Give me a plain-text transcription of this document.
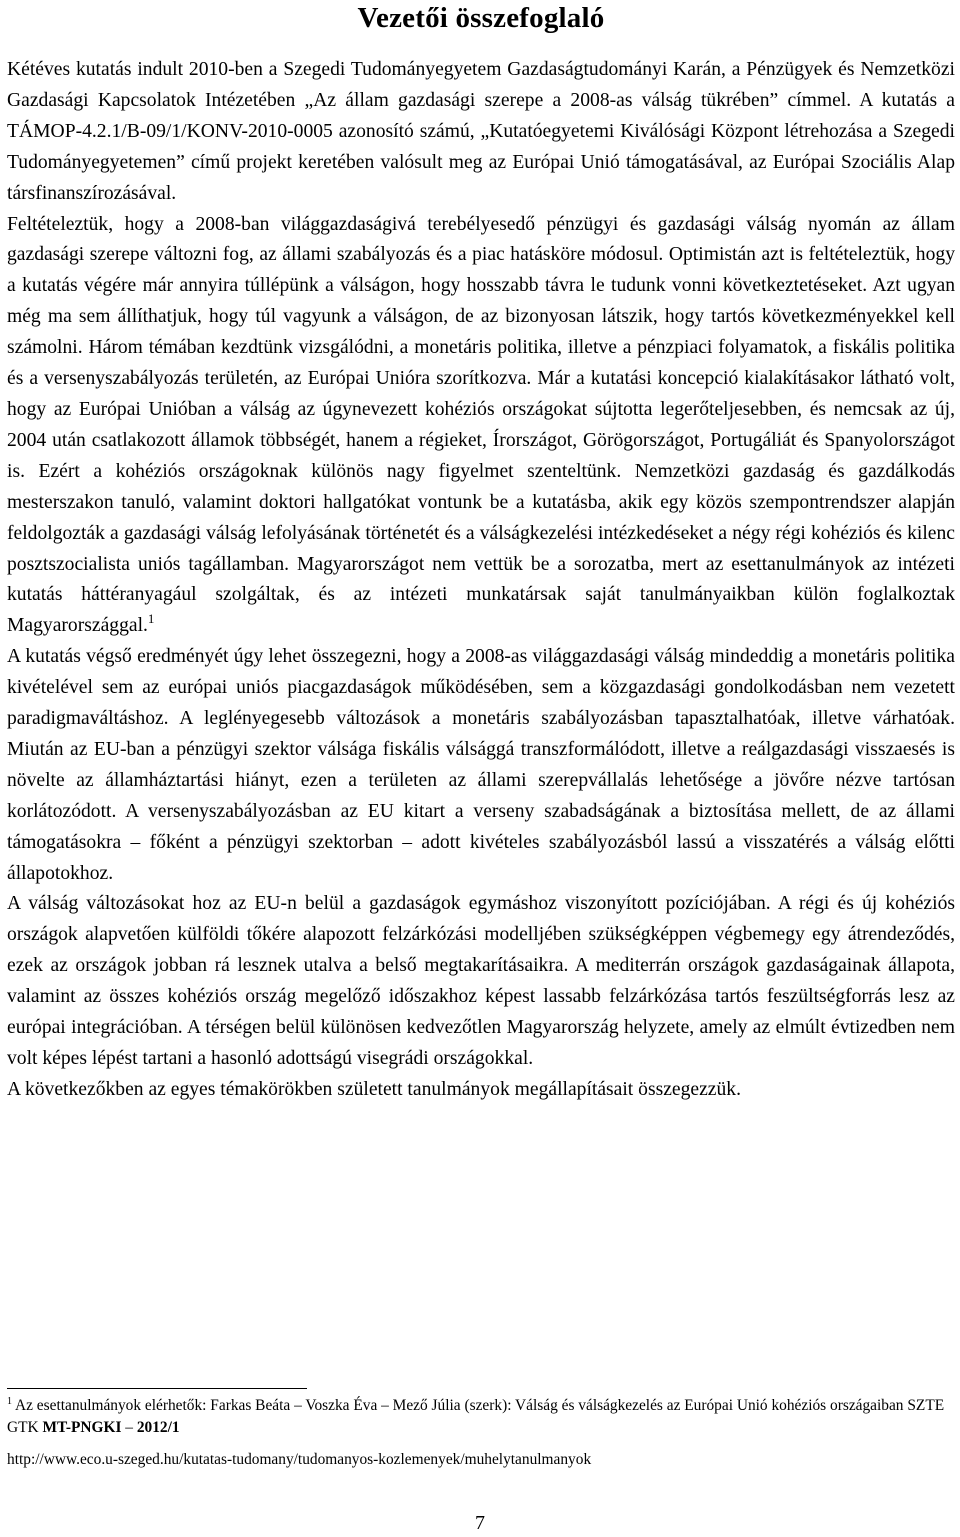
Vezetői összefoglaló

Kétéves kutatás indult 2010-ben a Szegedi Tudományegyetem Gazdaságtudományi Karán, a Pénzügyek és Nemzetközi Gazdasági Kapcsolatok Intézetében „Az állam gazdasági szerepe a 2008-as válság tükrében” címmel. A kutatás a TÁMOP-4.2.1/B-09/1/KONV-2010-0005 azonosító számú, „Kutatóegyetemi Kiválósági Központ létrehozása a Szegedi Tudományegyetemen” című projekt keretében valósult meg az Európai Unió támogatásával, az Európai Szociális Alap társfinanszírozásával.

Feltételeztük, hogy a 2008-ban világgazdaságivá terebélyesedő pénzügyi és gazdasági válság nyomán az állam gazdasági szerepe változni fog, az állami szabályozás és a piac hatásköre módosul. Optimistán azt is feltételeztük, hogy a kutatás végére már annyira túllépünk a válságon, hogy hosszabb távra le tudunk vonni következtetéseket. Azt ugyan még ma sem állíthatjuk, hogy túl vagyunk a válságon, de az bizonyosan látszik, hogy tartós következményekkel kell számolni. Három témában kezdtünk vizsgálódni, a monetáris politika, illetve a pénzpiaci folyamatok, a fiskális politika és a versenyszabályozás területén, az Európai Unióra szorítkozva. Már a kutatási koncepció kialakításakor látható volt, hogy az Európai Unióban a válság az úgynevezett kohéziós országokat sújtotta legerőteljesebben, és nemcsak az új, 2004 után csatlakozott államok többségét, hanem a régieket, Írországot, Görögországot, Portugáliát és Spanyolországot is. Ezért a kohéziós országoknak különös nagy figyelmet szenteltünk. Nemzetközi gazdaság és gazdálkodás mesterszakon tanuló, valamint doktori hallgatókat vontunk be a kutatásba, akik egy közös szempontrendszer alapján feldolgozták a gazdasági válság lefolyásának történetét és a válságkezelési intézkedéseket a négy régi kohéziós és kilenc posztszocialista uniós tagállamban. Magyarországot nem vettük be a sorozatba, mert az esettanulmányok az intézeti kutatás háttéranyagául szolgáltak, és az intézeti munkatársak saját tanulmányaikban külön foglalkoztak Magyarországgal.$^1$

A kutatás végső eredményét úgy lehet összegezni, hogy a 2008-as világgazdasági válság mindeddig a monetáris politika kivételével sem az európai uniós piacgazdaságok működésében, sem a közgazdasági gondolkodásban nem vezetett paradigmaváltáshoz. A leglényegesebb változások a monetáris szabályozásban tapasztalhatóak, illetve várhatóak. Miután az EU-ban a pénzügyi szektor válsága fiskális válsággá transzformálódott, illetve a reálgazdasági visszaesés is növelte az államháztartási hiányt, ezen a területen az állami szerepvállalás lehetősége a jövőre nézve tartósan korlátozódott. A versenyszabályozásban az EU kitart a verseny szabadságának a biztosítása mellett, de az állami támogatásokra – főként a pénzügyi szektorban – adott kivételes szabályozásból lassú a visszatérés a válság előtti állapotokhoz.

A válság változásokat hoz az EU-n belül a gazdaságok egymáshoz viszonyított pozíciójában. A régi és új kohéziós országok alapvetően külföldi tőkére alapozott felzárkózási modelljében szükségképpen végbemegy egy átrendeződés, ezek az országok jobban rá lesznek utalva a belső megtakarításaikra. A mediterrán országok gazdaságainak állapota, valamint az összes kohéziós ország megelőző időszakhoz képest lassabb felzárkózása tartós feszültségforrás lesz az európai integrációban. A térségen belül különösen kedvezőtlen Magyarország helyzete, amely az elmúlt évtizedben nem volt képes lépést tartani a hasonló adottságú visegrádi országokkal.

A következőkben az egyes témakörökben született tanulmányok megállapításait összegezzük.

$^1$ Az esettanulmányok elérhetők: Farkas Beáta – Voszka Éva – Mező Júlia (szerk): Válság és válságkezelés az Európai Unió kohéziós országaiban SZTE GTK MT-PNGKI – 2012/1

http://www.eco.u-szeged.hu/kutatas-tudomany/tudomanyos-kozlemenyek/muhelytanulmanyok

7
